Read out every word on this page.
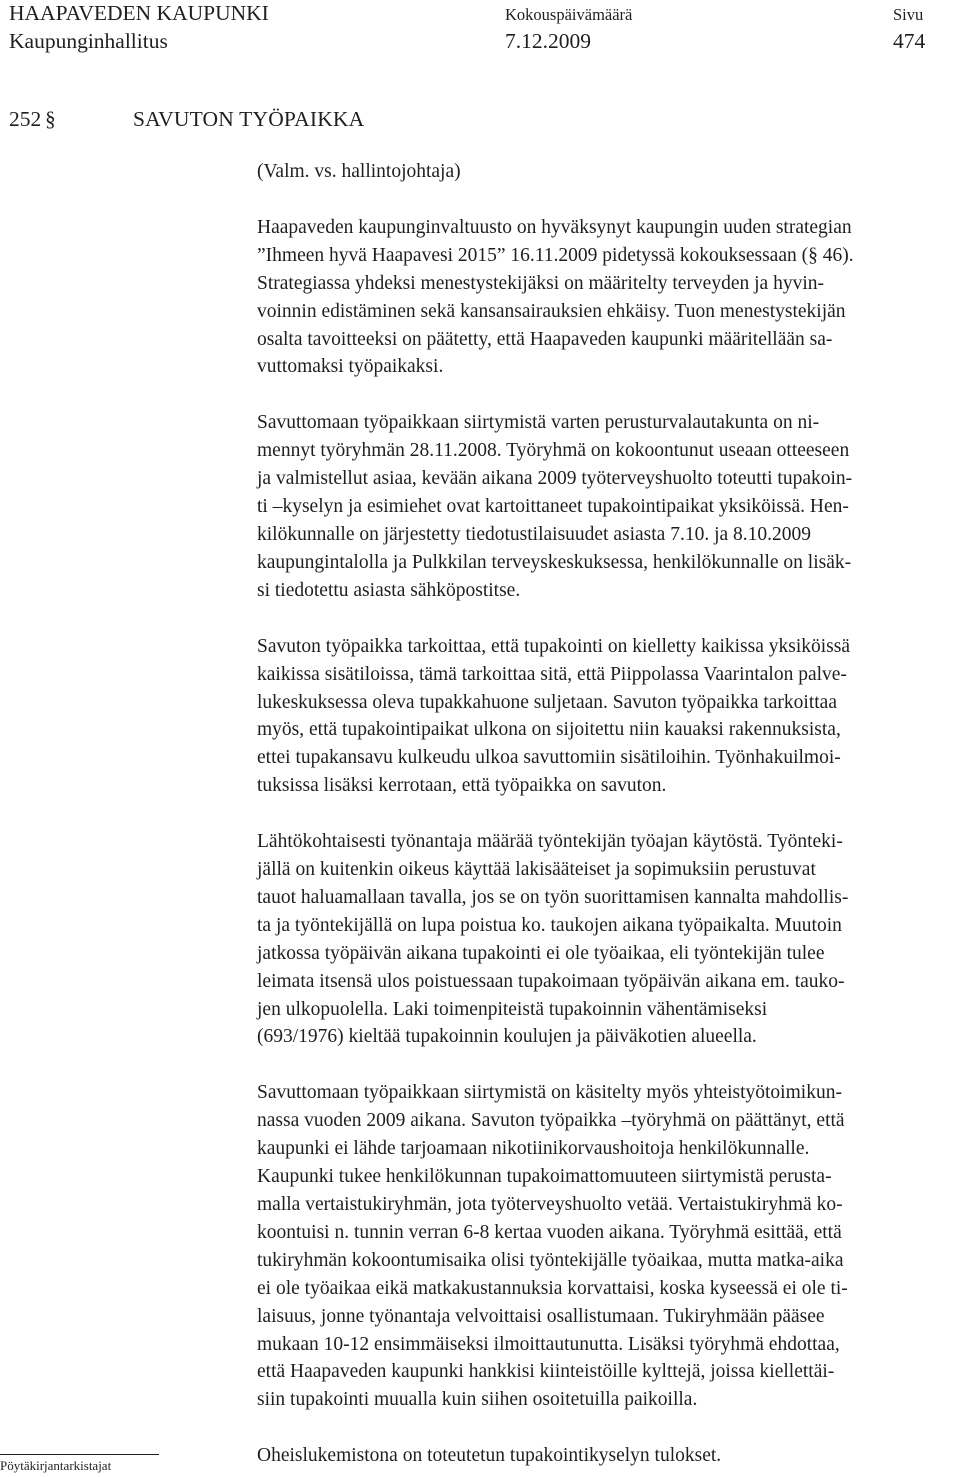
HAAPAVEDEN KAUPUNKI
Kaupunginhallitus
Kokouspäivämäärä
7.12.2009
Sivu
474
252 §	SAVUTON TYÖPAIKKA

(Valm. vs. hallintojohtaja)

Haapaveden kaupunginvaltuusto on hyväksynyt kaupungin uuden strategian
”Ihmeen hyvä Haapavesi 2015” 16.11.2009 pidetyssä kokouksessaan (§ 46).
Strategiassa yhdeksi menestystekijäksi on määritelty terveyden ja hyvin-
voinnin edistäminen sekä kansansairauksien ehkäisy. Tuon menestystekijän
osalta tavoitteeksi on päätetty, että Haapaveden kaupunki määritellään sa-
vuttomaksi työpaikaksi.

Savuttomaan työpaikkaan siirtymistä varten perusturvalautakunta on ni-
mennyt työryhmän 28.11.2008. Työryhmä on kokoontunut useaan otteeseen
ja valmistellut asiaa, kevään aikana 2009 työterveyshuolto toteutti tupakoin-
ti –kyselyn ja esimiehet ovat kartoittaneet tupakointipaikat yksiköissä. Hen-
kilökunnalle on järjestetty tiedotustilaisuudet asiasta 7.10. ja 8.10.2009
kaupungintalolla ja Pulkkilan terveyskeskuksessa, henkilökunnalle on lisäk-
si tiedotettu asiasta sähköpostitse.

Savuton työpaikka tarkoittaa, että tupakointi on kielletty kaikissa yksiköissä
kaikissa sisätiloissa, tämä tarkoittaa sitä, että Piippolassa Vaarintalon palve-
lukeskuksessa oleva tupakkahuone suljetaan. Savuton työpaikka tarkoittaa
myös, että tupakointipaikat ulkona on sijoitettu niin kauaksi rakennuksista,
ettei tupakansavu kulkeudu ulkoa savuttomiin sisätiloihin. Työnhakuilmoi-
tuksissa lisäksi kerrotaan, että työpaikka on savuton.

Lähtökohtaisesti työnantaja määrää työntekijän työajan käytöstä. Työnteki-
jällä on kuitenkin oikeus käyttää lakisääteiset ja sopimuksiin perustuvat
tauot haluamallaan tavalla, jos se on työn suorittamisen kannalta mahdollis-
ta ja työntekijällä on lupa poistua ko. taukojen aikana työpaikalta. Muutoin
jatkossa työpäivän aikana tupakointi ei ole työaikaa, eli työntekijän tulee
leimata itsensä ulos poistuessaan tupakoimaan työpäivän aikana em. tauko-
jen ulkopuolella. Laki toimenpiteistä tupakoinnin vähentämiseksi
(693/1976) kieltää tupakoinnin koulujen ja päiväkotien alueella.

Savuttomaan työpaikkaan siirtymistä on käsitelty myös yhteistyötoimikun-
nassa vuoden 2009 aikana. Savuton työpaikka –työryhmä on päättänyt, että
kaupunki ei lähde tarjoamaan nikotiinikorvaushoitoja henkilökunnalle.
Kaupunki tukee henkilökunnan tupakoimattomuuteen siirtymistä perusta-
malla vertaistukiryhmän, jota työterveyshuolto vetää. Vertaistukiryhmä ko-
koontuisi n. tunnin verran 6-8 kertaa vuoden aikana. Työryhmä esittää, että
tukiryhmän kokoontumisaika olisi työntekijälle työaikaa, mutta matka-aika
ei ole työaikaa eikä matkakustannuksia korvattaisi, koska kyseessä ei ole ti-
laisuus, jonne työnantaja velvoittaisi osallistumaan. Tukiryhmään pääsee
mukaan 10-12 ensimmäiseksi ilmoittautunutta. Lisäksi työryhmä ehdottaa,
että Haapaveden kaupunki hankkisi kiinteistöille kylttejä, joissa kiellettäi-
siin tupakointi muualla kuin siihen osoitetuilla paikoilla.

Oheislukemistona on toteutetun tupakointikyselyn tulokset.

Pöytäkirjantarkistajat
